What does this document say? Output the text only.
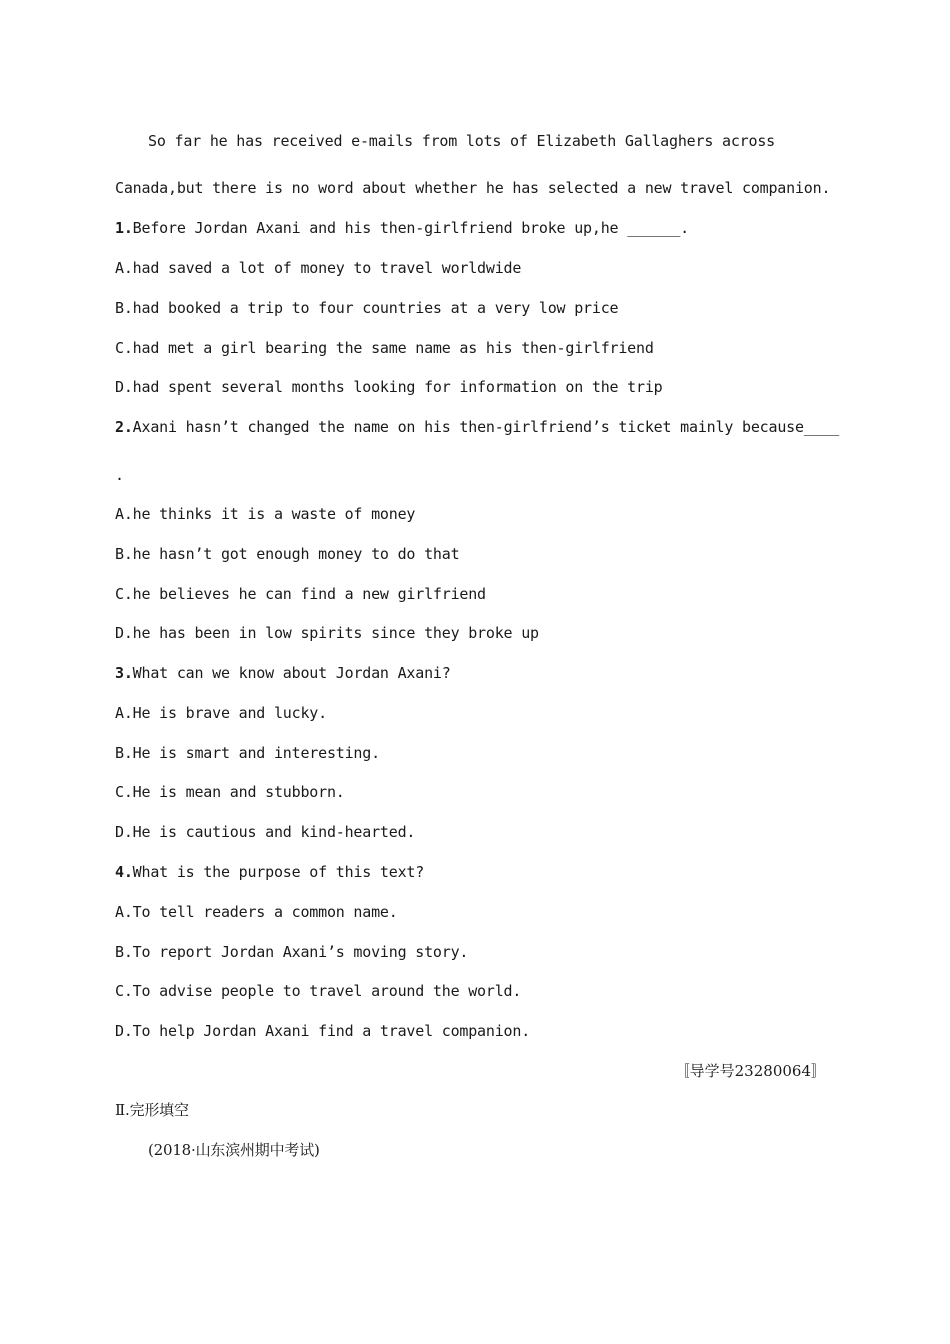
So far he has received e-mails from lots of Elizabeth Gallaghers across
Canada,but there is no word about whether he has selected a new travel companion.
1.Before Jordan Axani and his then-girlfriend broke up,he ______.
A.had saved a lot of money to travel worldwide
B.had booked a trip to four countries at a very low price
C.had met a girl bearing the same name as his then-girlfriend
D.had spent several months looking for information on the trip
2.Axani hasn’t changed the name on his then-girlfriend’s ticket mainly because____
.
A.he thinks it is a waste of money
B.he hasn’t got enough money to do that
C.he believes he can find a new girlfriend
D.he has been in low spirits since they broke up
3.What can we know about Jordan Axani?
A.He is brave and lucky.
B.He is smart and interesting.
C.He is mean and stubborn.
D.He is cautious and kind-hearted.
4.What is the purpose of this text?
A.To tell readers a common name.
B.To report Jordan Axani’s moving story.
C.To advise people to travel around the world.
D.To help Jordan Axani find a travel companion.
〚导学号23280064〛
Ⅱ.完形填空
(2018·山东滨州期中考试)
